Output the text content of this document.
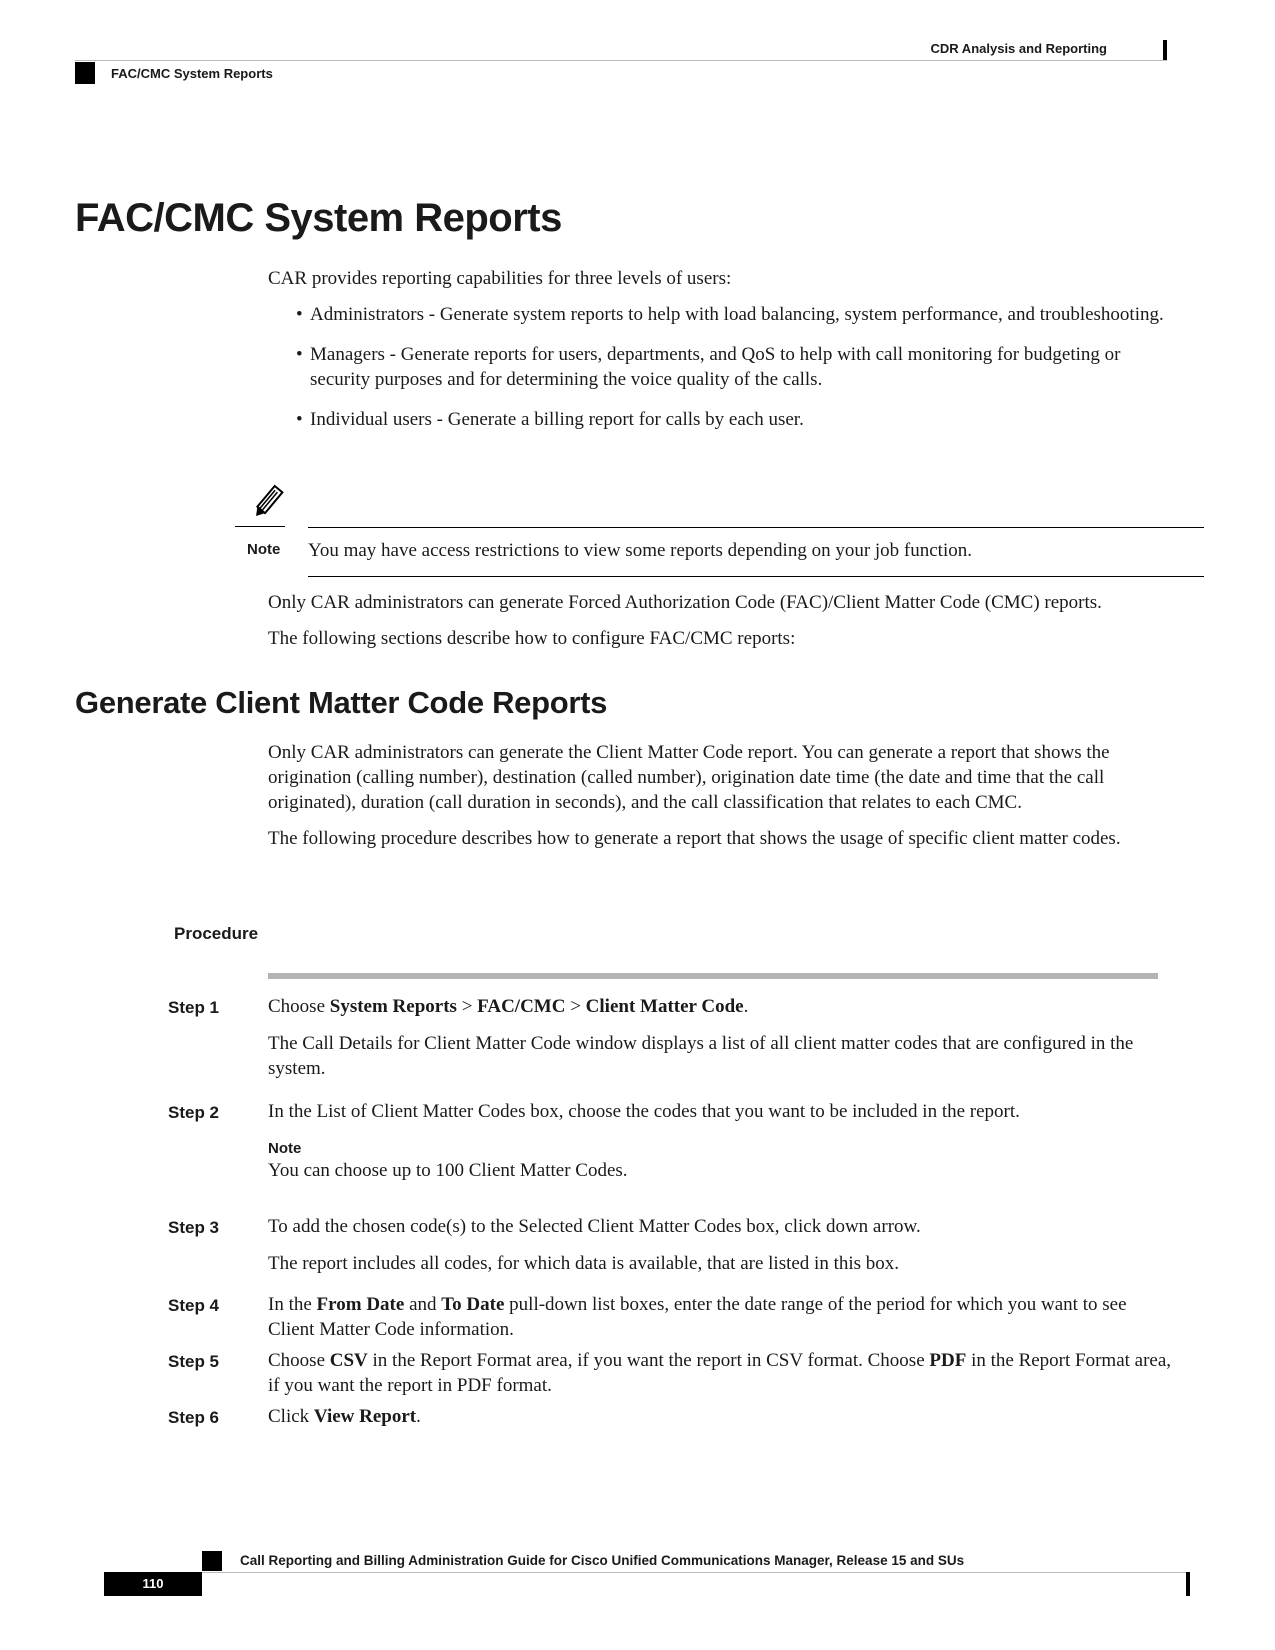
CDR Analysis and Reporting
FAC/CMC System Reports
FAC/CMC System Reports
CAR provides reporting capabilities for three levels of users:
• Administrators - Generate system reports to help with load balancing, system performance, and troubleshooting.
• Managers - Generate reports for users, departments, and QoS to help with call monitoring for budgeting or security purposes and for determining the voice quality of the calls.
• Individual users - Generate a billing report for calls by each user.
Note You may have access restrictions to view some reports depending on your job function.
Only CAR administrators can generate Forced Authorization Code (FAC)/Client Matter Code (CMC) reports.
The following sections describe how to configure FAC/CMC reports:
Generate Client Matter Code Reports
Only CAR administrators can generate the Client Matter Code report. You can generate a report that shows the origination (calling number), destination (called number), origination date time (the date and time that the call originated), duration (call duration in seconds), and the call classification that relates to each CMC.
The following procedure describes how to generate a report that shows the usage of specific client matter codes.
Procedure
Step 1	Choose System Reports > FAC/CMC > Client Matter Code.
The Call Details for Client Matter Code window displays a list of all client matter codes that are configured in the system.
Step 2	In the List of Client Matter Codes box, choose the codes that you want to be included in the report.
Note
You can choose up to 100 Client Matter Codes.
Step 3	To add the chosen code(s) to the Selected Client Matter Codes box, click down arrow.
The report includes all codes, for which data is available, that are listed in this box.
Step 4	In the From Date and To Date pull-down list boxes, enter the date range of the period for which you want to see Client Matter Code information.
Step 5	Choose CSV in the Report Format area, if you want the report in CSV format. Choose PDF in the Report Format area, if you want the report in PDF format.
Step 6	Click View Report.
Call Reporting and Billing Administration Guide for Cisco Unified Communications Manager, Release 15 and SUs
110
